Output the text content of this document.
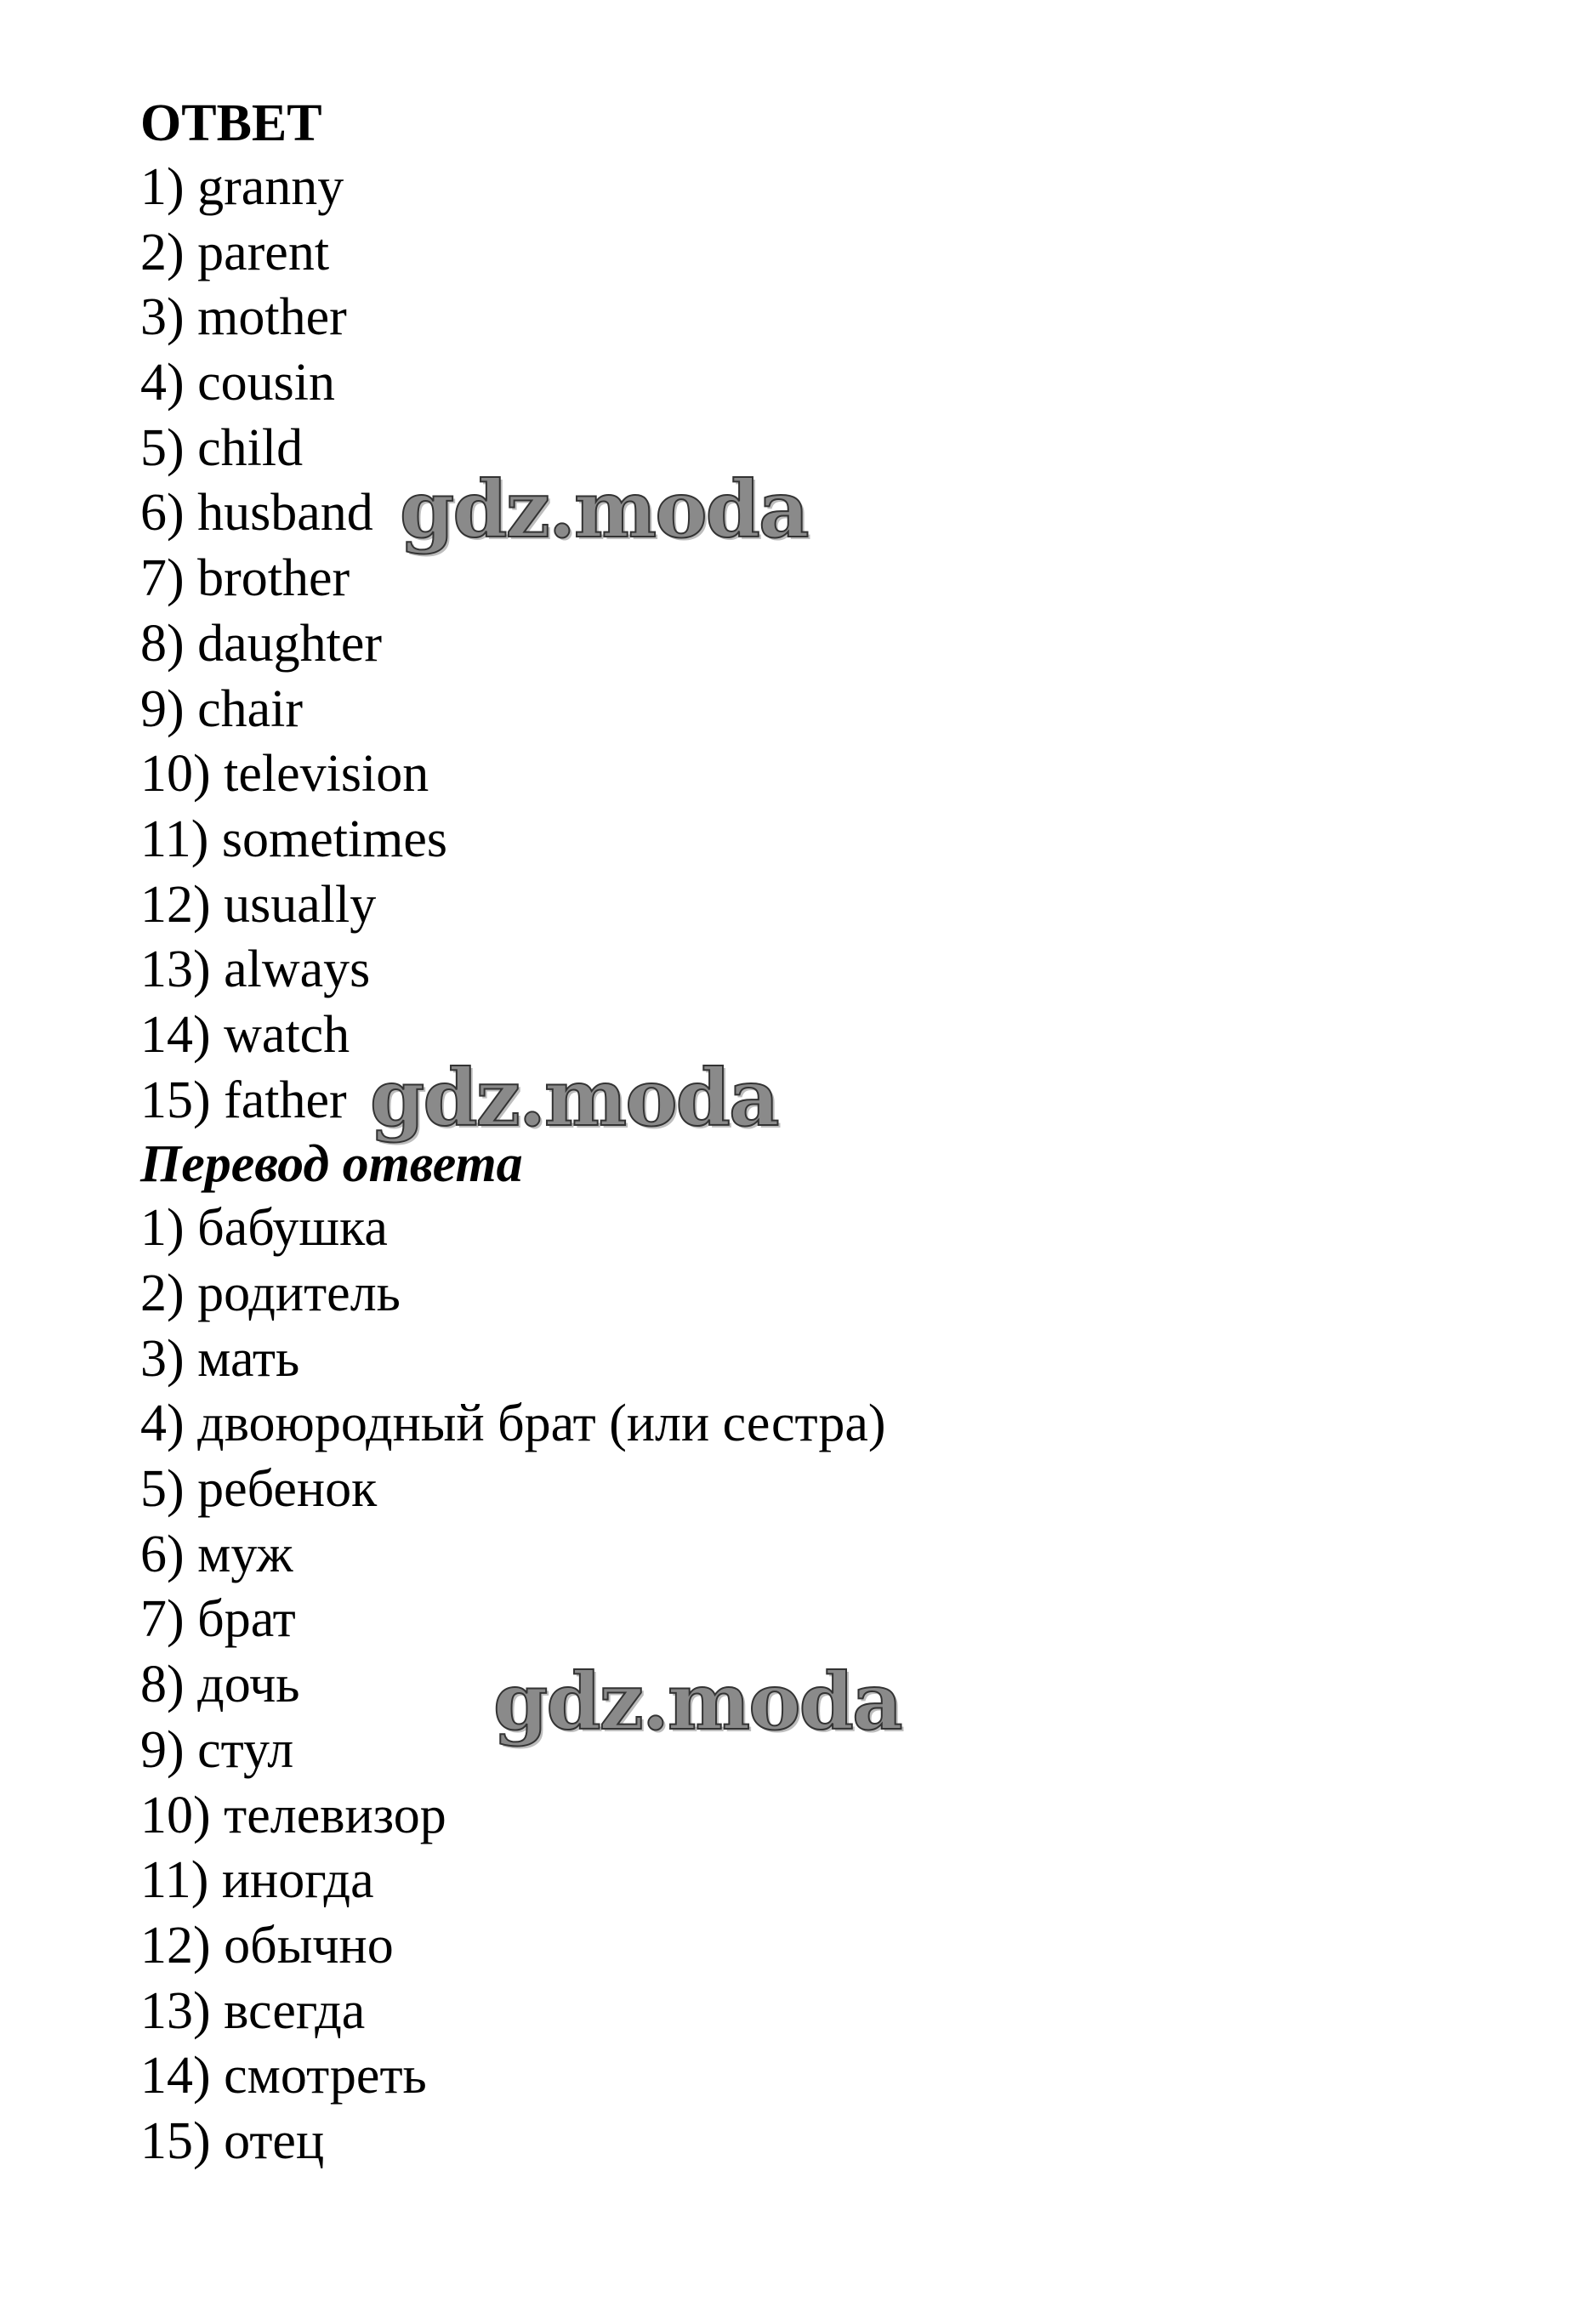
ОТВЕТ
1) granny
2) parent
3) mother
4) cousin
5) child
6) husband
7) brother
8) daughter
9) chair
10) television
11) sometimes
12) usually
13) always
14) watch
15) father
Перевод ответа
1) бабушка
2) родитель
3) мать
4) двоюродный брат (или сестра)
5) ребенок
6) муж
7) брат
8) дочь
9) стул
10) телевизор
11) иногда
12) обычно
13) всегда
14) смотреть
15) отец
gdz.moda
gdz.moda
gdz.moda
